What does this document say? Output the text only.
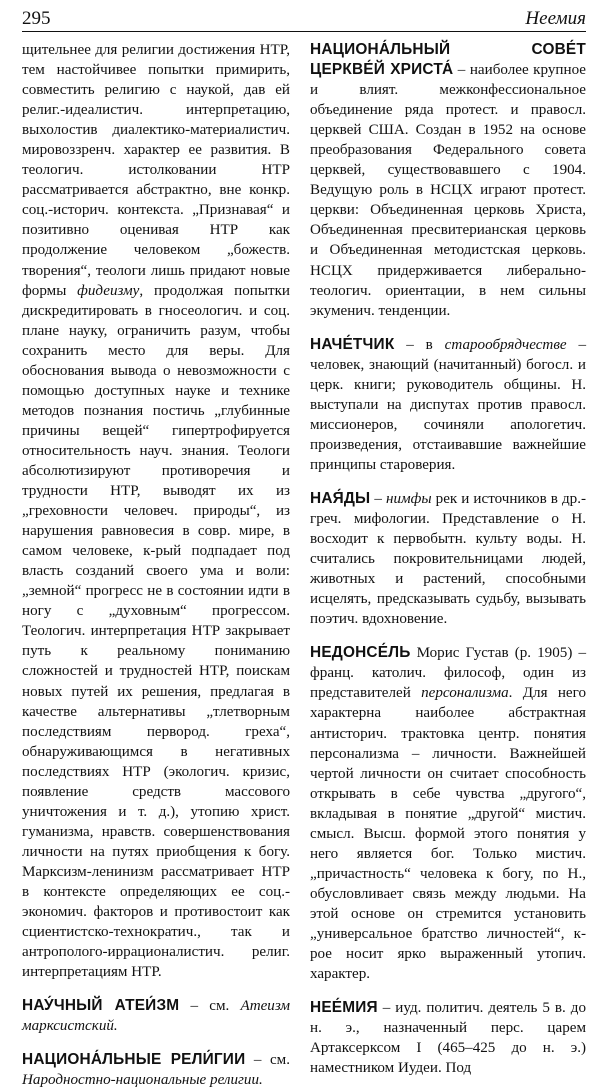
295	Неемия

щительнее для религии достижения НТР, тем настойчивее попытки примирить, совместить религию с наукой, дав ей религ.-идеалистич. интерпретацию, выхолостив диалектико-материалистич. мировоззренч. характер ее развития. В теологич. истолковании НТР рассматривается абстрактно, вне конкр. соц.-историч. контекста. „Признавая“ и позитивно оценивая НТР как продолжение человеком „божеств. творения“, теологи лишь придают новые формы фидеизму, продолжая попытки дискредитировать в гносеологич. и соц. плане науку, ограничить разум, чтобы сохранить место для веры. Для обоснования вывода о невозможности с помощью доступных науке и технике методов познания постичь „глубинные причины вещей“ гипертрофируется относительность науч. знания. Теологи абсолютизируют противоречия и трудности НТР, выводят их из „греховности человеч. природы“, из нарушения равновесия в совр. мире, в самом человеке, к-рый подпадает под власть созданий своего ума и воли: „земной“ прогресс не в состоянии идти в ногу с „духовным“ прогрессом. Теологич. интерпретация НТР закрывает путь к реальному пониманию сложностей и трудностей НТР, поискам новых путей их решения, предлагая в качестве альтернативы „тлетворным последствиям первород. греха“, обнаруживающимся в негативных последствиях НТР (экологич. кризис, появление средств массового уничтожения и т. д.), утопию христ. гуманизма, нравств. совершенствования личности на путях приобщения к богу. Марксизм-ленинизм рассматривает НТР в контексте определяющих ее соц.-экономич. факторов и противостоит как сциентистско-технократич., так и антрополого-иррационалистич. религ. интерпретациям НТР.

НАУ́ЧНЫЙ АТЕИ́ЗМ – см. Атеизм марксистский.

НАЦИОНА́ЛЬНЫЕ РЕЛИ́ГИИ – см. Народностно-национальные религии.

НАЦИОНА́ЛЬНЫЙ СОВЕ́Т ЦЕРКВЕ́Й ХРИСТА́ – наиболее крупное и влият. межконфессиональное объединение ряда протест. и правосл. церквей США. Создан в 1952 на основе преобразования Федерального совета церквей, существовавшего с 1904. Ведущую роль в НСЦХ играют протест. церкви: Объединенная церковь Христа, Объединенная пресвитерианская церковь и Объединенная методистская церковь. НСЦХ придерживается либерально-теологич. ориентации, в нем сильны экуменич. тенденции.

НАЧЕ́ТЧИК – в старообрядчестве – человек, знающий (начитанный) богосл. и церк. книги; руководитель общины. Н. выступали на диспутах против правосл. миссионеров, сочиняли апологетич. произведения, отстаивавшие важнейшие принципы староверия.

НАЯ́ДЫ – нимфы рек и источников в др.-греч. мифологии. Представление о Н. восходит к первобытн. культу воды. Н. считались покровительницами людей, животных и растений, способными исцелять, предсказывать судьбу, вызывать поэтич. вдохновение.

НЕДОНСЕ́ЛЬ Морис Густав (р. 1905) – франц. католич. философ, один из представителей персонализма. Для него характерна наиболее абстрактная антисторич. трактовка центр. понятия персонализма – личности. Важнейшей чертой личности он считает способность открывать в себе чувства „другого“, вкладывая в понятие „другой“ мистич. смысл. Высш. формой этого понятия у него является бог. Только мистич. „причастность“ человека к богу, по Н., обусловливает связь между людьми. На этой основе он стремится установить „универсальное братство личностей“, к-рое носит ярко выраженный утопич. характер.

НЕЕ́МИЯ – иуд. политич. деятель 5 в. до н. э., назначенный перс. царем Артаксерксом I (465–425 до н. э.) наместником Иудеи. Под
